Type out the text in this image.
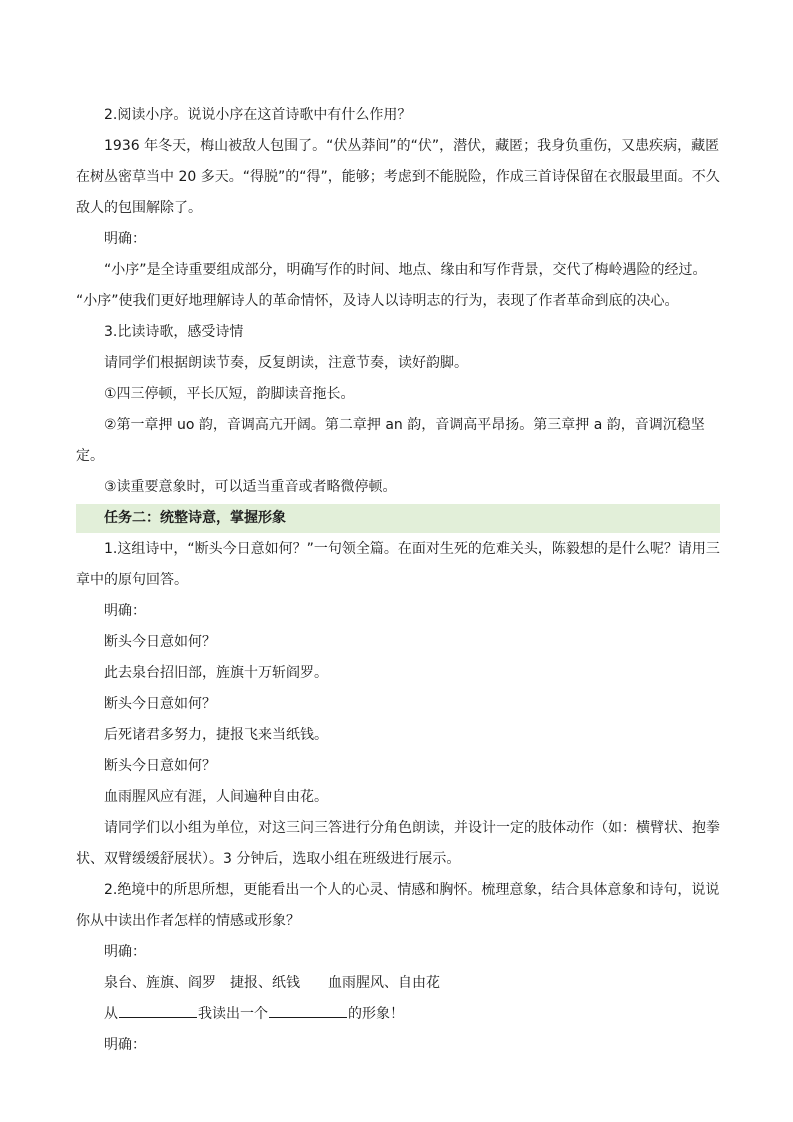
2.阅读小序。说说小序在这首诗歌中有什么作用？

1936 年冬天，梅山被敌人包围了。“伏丛莽间”的“伏”，潜伏，藏匿；我身负重伤，又患疾病，藏匿在树丛密草当中 20 多天。“得脱”的“得”，能够；考虑到不能脱险，作成三首诗保留在衣服最里面。不久敌人的包围解除了。

明确：

“小序”是全诗重要组成部分，明确写作的时间、地点、缘由和写作背景，交代了梅岭遇险的经过。

“小序”使我们更好地理解诗人的革命情怀，及诗人以诗明志的行为，表现了作者革命到底的决心。

3.比读诗歌，感受诗情

请同学们根据朗读节奏，反复朗读，注意节奏，读好韵脚。

①四三停顿，平长仄短，韵脚读音拖长。

②第一章押 uo 韵，音调高亢开阔。第二章押 an 韵，音调高平昂扬。第三章押 a 韵，音调沉稳坚定。

③读重要意象时，可以适当重音或者略微停顿。

任务二：统整诗意，掌握形象

1.这组诗中，“断头今日意如何？”一句领全篇。在面对生死的危难关头，陈毅想的是什么呢？请用三章中的原句回答。

明确：

断头今日意如何？

此去泉台招旧部，旌旗十万斩阎罗。

断头今日意如何？

后死诸君多努力，捷报飞来当纸钱。

断头今日意如何？

血雨腥风应有涯，人间遍种自由花。

请同学们以小组为单位，对这三问三答进行分角色朗读，并设计一定的肢体动作（如：横臂状、抱拳状、双臂缓缓舒展状）。3 分钟后，选取小组在班级进行展示。

2.绝境中的所思所想，更能看出一个人的心灵、情感和胸怀。梳理意象，结合具体意象和诗句，说说你从中读出作者怎样的情感或形象？

明确：

泉台、旌旗、阎罗 捷报、纸钱 血雨腥风、自由花

从	我读出一个	的形象！

明确：
